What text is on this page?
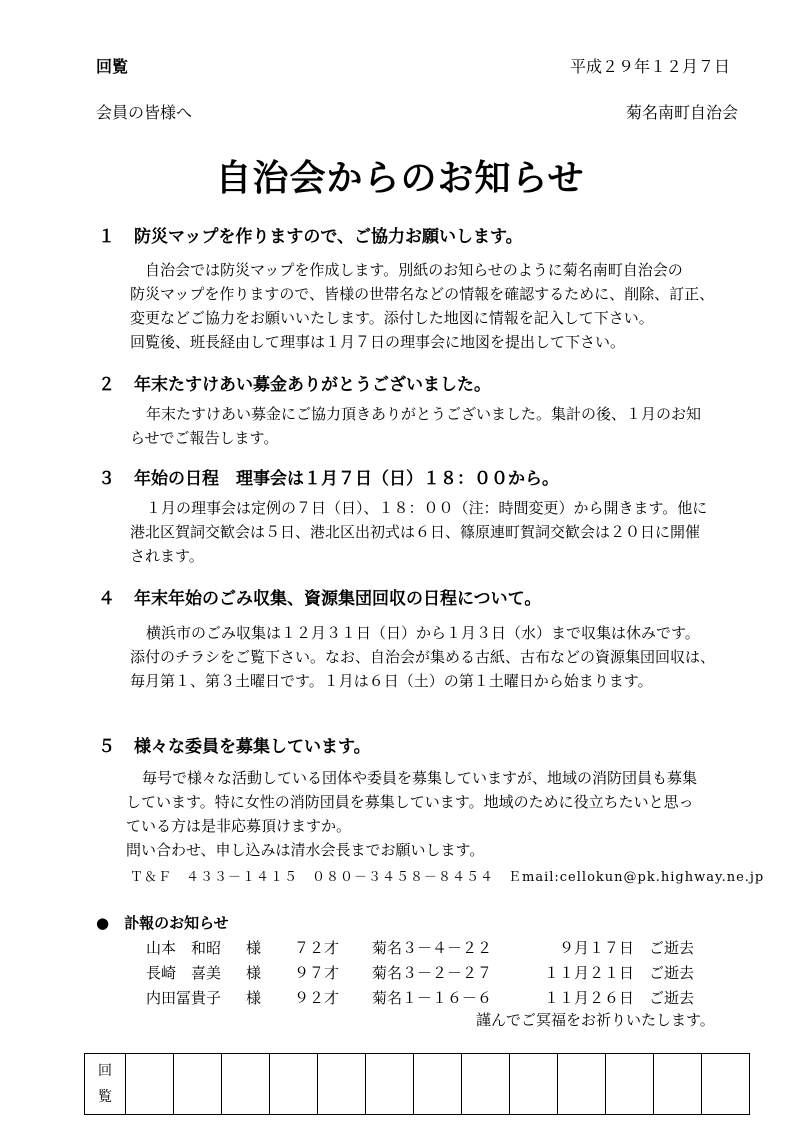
回覧	平成２９年１２月７日
会員の皆様へ	菊名南町自治会
自治会からのお知らせ
１ 防災マップを作りますので、ご協力お願いします。
　自治会では防災マップを作成します。別紙のお知らせのように菊名南町自治会の
防災マップを作りますので、皆様の世帯名などの情報を確認するために、削除、訂正、
変更などご協力をお願いいたします。添付した地図に情報を記入して下さい。
回覧後、班長経由して理事は１月７日の理事会に地図を提出して下さい。
２ 年末たすけあい募金ありがとうございました。
年末たすけあい募金にご協力頂きありがとうございました。集計の後、１月のお知
らせでご報告します。
３ 年始の日程　理事会は１月７日（日）１８：００から。
１月の理事会は定例の７日（日）、１８：００（注：時間変更）から開きます。他に
港北区賀詞交歓会は５日、港北区出初式は６日、篠原連町賀詞交歓会は２０日に開催
されます。
４ 年末年始のごみ収集、資源集団回収の日程について。
横浜市のごみ収集は１２月３１日（日）から１月３日（水）まで収集は休みです。
添付のチラシをご覧下さい。なお、自治会が集める古紙、古布などの資源集団回収は、
毎月第１、第３土曜日です。１月は６日（土）の第１土曜日から始まります。
５ 様々な委員を募集しています。
毎号で様々な活動している団体や委員を募集していますが、地域の消防団員も募集
しています。特に女性の消防団員を募集しています。地域のために役立ちたいと思っ
ている方は是非応募頂けますか。
問い合わせ、申し込みは清水会長までお願いします。
Ｔ＆Ｆ　４３３－１４１５　０８０－３４５８－８４５４　Ｅmail:cellokun@pk.highway.ne.jp
●　訃報のお知らせ
山本　和昭 様 ７２才 菊名３－４－２２	９月１７日 ご逝去
長崎　喜美 様 ９７才 菊名３－２－２７	１１月２１日 ご逝去
内田冨貴子 様 ９２才 菊名１－１６－６	１１月２６日 ご逝去
謹んでご冥福をお祈りいたします。
回
覧													
